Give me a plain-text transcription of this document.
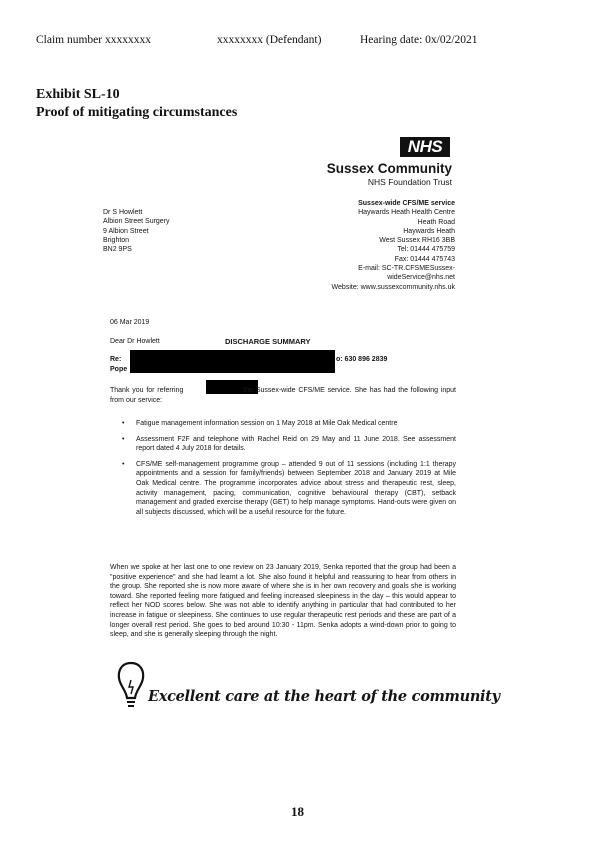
Claim number xxxxxxxx	xxxxxxxx (Defendant)	Hearing date: 0x/02/2021
Exhibit SL-10
Proof of mitigating circumstances
NHS
Sussex Community
NHS Foundation Trust
Sussex-wide CFS/ME service
Haywards Heath Health Centre
Heath Road
Haywards Heath
West Sussex RH16 3BB
Tel: 01444 475759
Fax: 01444 475743
E-mail: SC-TR.CFSMESussex-
wideService@nhs.net
Website: www.sussexcommunity.nhs.uk
Dr S Howlett
Albion Street Surgery
9 Albion Street
Brighton
BN2 9PS
06 Mar 2019
Dear Dr Howlett	DISCHARGE SUMMARY
Re:
Pope
o: 630 896 2839
Thank you for referring	the Sussex-wide CFS/ME service. She has had the following input from our service:
• Fatigue management information session on 1 May 2018 at Mile Oak Medical centre
• Assessment F2F and telephone with Rachel Reid on 29 May and 11 June 2018. See assessment report dated 4 July 2018 for details.
• CFS/ME self-management programme group – attended 9 out of 11 sessions (including 1:1 therapy appointments and a session for family/friends) between September 2018 and January 2019 at Mile Oak Medical centre. The programme incorporates advice about stress and therapeutic rest, sleep, activity management, pacing, communication, cognitive behavioural therapy (CBT), setback management and graded exercise therapy (GET) to help manage symptoms. Hand-outs were given on all subjects discussed, which will be a useful resource for the future.
When we spoke at her last one to one review on 23 January 2019, Senka reported that the group had been a "positive experience" and she had learnt a lot. She also found it helpful and reassuring to hear from others in the group. She reported she is now more aware of where she is in her own recovery and goals she is working toward. She reported feeling more fatigued and feeling increased sleepiness in the day – this would appear to reflect her NOD scores below. She was not able to identify anything in particular that had contributed to her increase in fatigue or sleepiness. She continues to use regular therapeutic rest periods and these are part of a longer overall rest period. She goes to bed around 10:30 - 11pm. Senka adopts a wind-down prior to going to sleep, and she is generally sleeping through the night.
Excellent care at the heart of the community
18
